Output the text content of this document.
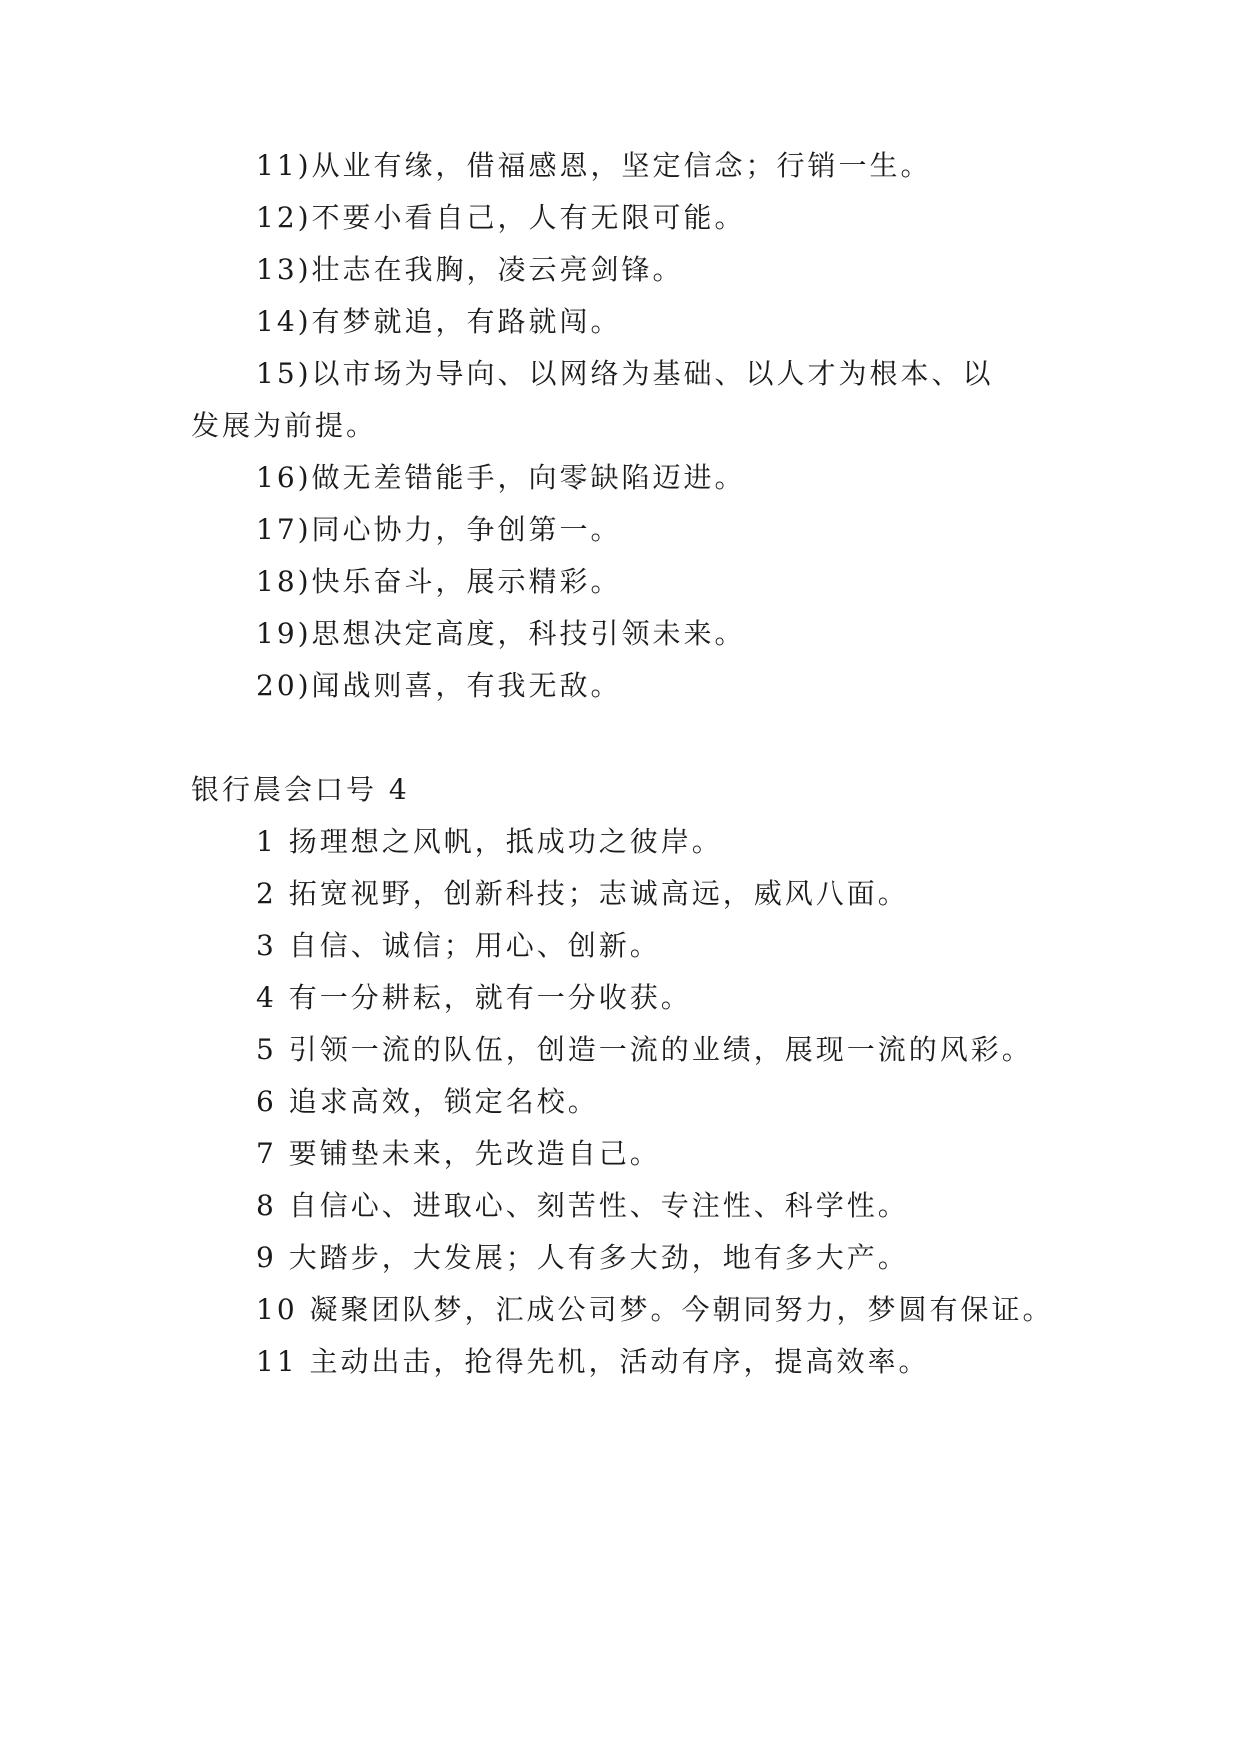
11)从业有缘，借福感恩，坚定信念；行销一生。
12)不要小看自己，人有无限可能。
13)壮志在我胸，凌云亮剑锋。
14)有梦就追，有路就闯。
15)以市场为导向、以网络为基础、以人才为根本、以
发展为前提。
16)做无差错能手，向零缺陷迈进。
17)同心协力，争创第一。
18)快乐奋斗，展示精彩。
19)思想决定高度，科技引领未来。
20)闻战则喜，有我无敌。
银行晨会口号 4
1 扬理想之风帆，抵成功之彼岸。
2 拓宽视野，创新科技；志诚高远，威风八面。
3 自信、诚信；用心、创新。
4 有一分耕耘，就有一分收获。
5 引领一流的队伍，创造一流的业绩，展现一流的风彩。
6 追求高效，锁定名校。
7 要铺垫未来，先改造自己。
8 自信心、进取心、刻苦性、专注性、科学性。
9 大踏步，大发展；人有多大劲，地有多大产。
10 凝聚团队梦，汇成公司梦。今朝同努力，梦圆有保证。
11 主动出击，抢得先机，活动有序，提高效率。
